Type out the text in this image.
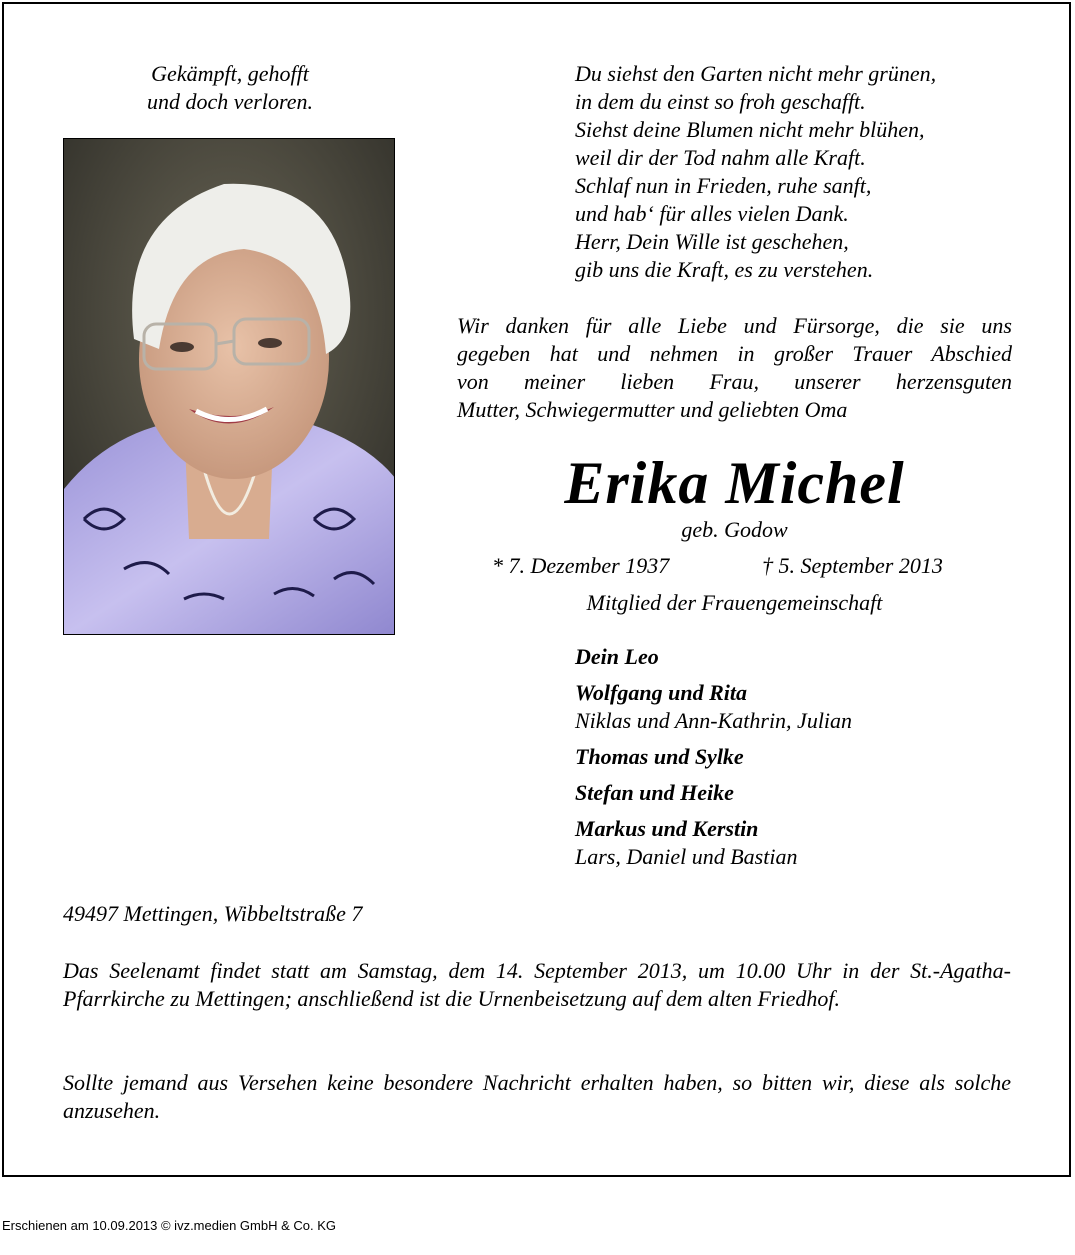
Gekämpft, gehofft
und doch verloren.
Du siehst den Garten nicht mehr grünen,
in dem du einst so froh geschafft.
Siehst deine Blumen nicht mehr blühen,
weil dir der Tod nahm alle Kraft.
Schlaf nun in Frieden, ruhe sanft,
und hab‘ für alles vielen Dank.
Herr, Dein Wille ist geschehen,
gib uns die Kraft, es zu verstehen.
Wir danken für alle Liebe und Fürsorge, die sie uns
gegeben hat und nehmen in großer Trauer Abschied
von meiner lieben Frau, unserer herzensguten
Mutter, Schwiegermutter und geliebten Oma
Erika Michel
geb. Godow
* 7. Dezember 1937	† 5. September 2013
Mitglied der Frauengemeinschaft
Dein Leo
Wolfgang und Rita
Niklas und Ann-Kathrin, Julian
Thomas und Sylke
Stefan und Heike
Markus und Kerstin
Lars, Daniel und Bastian
49497 Mettingen, Wibbeltstraße 7
Das Seelenamt findet statt am Samstag, dem 14. September 2013, um 10.00 Uhr in der St.-Agatha-Pfarrkirche zu Mettingen; anschließend ist die Urnenbeisetzung auf dem alten Friedhof.
Sollte jemand aus Versehen keine besondere Nachricht erhalten haben, so bitten wir, diese als solche anzusehen.
Erschienen am 10.09.2013 © ivz.medien GmbH & Co. KG
